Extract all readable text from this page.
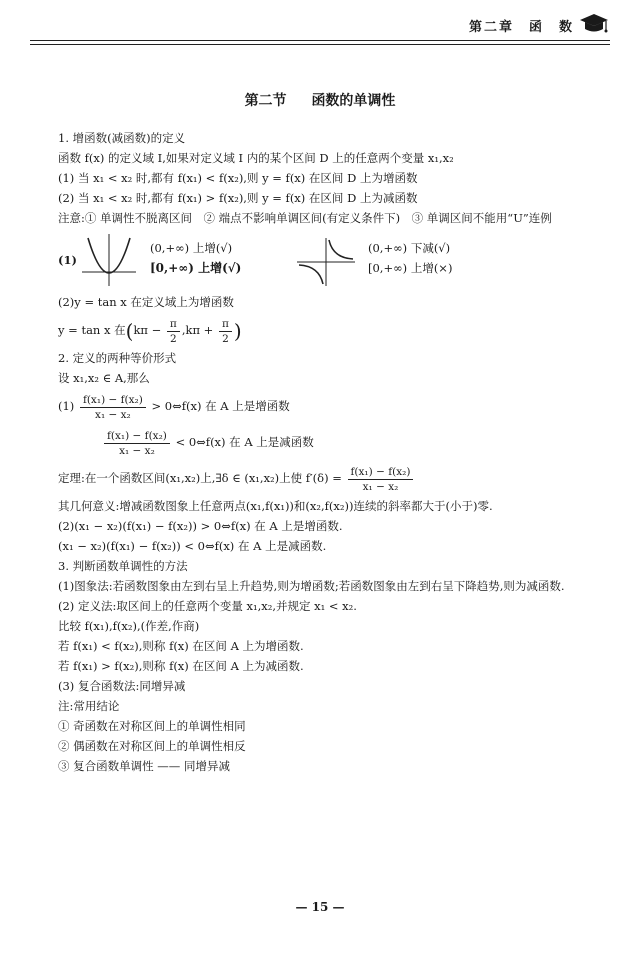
第二章　函　数
第二节 函数的单调性
1. 增函数(减函数)的定义
函数 f(x) 的定义域 I,如果对定义域 I 内的某个区间 D 上的任意两个变量 x₁,x₂
(1) 当 x₁ < x₂ 时,都有 f(x₁) < f(x₂),则 y = f(x) 在区间 D 上为增函数
(2) 当 x₁ < x₂ 时,都有 f(x₁) > f(x₂),则 y = f(x) 在区间 D 上为减函数
注意:① 单调性不脱离区间　② 端点不影响单调区间(有定义条件下)　③ 单调区间不能用“U”连例
(1)
(0,+∞) 上增(√)
[0,+∞) 上增(√)
(0,+∞) 下减(√)
[0,+∞) 上增(×)
(2)y = tan x 在定义域上为增函数
y = tan x 在($k\pi - \frac{\pi}{2} ,k\pi + \frac{\pi}{2}$ )
2. 定义的两种等价形式
设 x₁,x₂ ∈ A,那么
$(1) \frac{\text{f(x₁) − f(x₂)}}{\text{x₁ − x₂}}$ > 0⇔f(x) 在 A 上是增函数
$\frac{\text{f(x₁) − f(x₂)}}{\text{x₁ − x₂}}$ < 0⇔f(x) 在 A 上是减函数
定理:在一个函数区间(x₁,x₂)上,∃δ ∈ (x₁,x₂)上使 $f'(\delta) = \frac{\text{f(x₁) − f(x₂)}}{\text{x₁ − x₂}}$
其几何意义:增减函数图象上任意两点(x₁,f(x₁))和(x₂,f(x₂))连续的斜率都大于(小于)零.
(2)(x₁ − x₂)(f(x₁) − f(x₂)) > 0⇔f(x) 在 A 上是增函数.
(x₁ − x₂)(f(x₁) − f(x₂)) < 0⇔f(x) 在 A 上是减函数.
3. 判断函数单调性的方法
(1)图象法:若函数图象由左到右呈上升趋势,则为增函数;若函数图象由左到右呈下降趋势,则为减函数.
(2) 定义法:取区间上的任意两个变量 x₁,x₂,并规定 x₁ < x₂.
比较 f(x₁),f(x₂),(作差,作商)
若 f(x₁) < f(x₂),则称 f(x) 在区间 A 上为增函数.
若 f(x₁) > f(x₂),则称 f(x) 在区间 A 上为减函数.
(3) 复合函数法:同增异减
注:常用结论
① 奇函数在对称区间上的单调性相同
② 偶函数在对称区间上的单调性相反
③ 复合函数单调性 —— 同增异减
— 15 —
